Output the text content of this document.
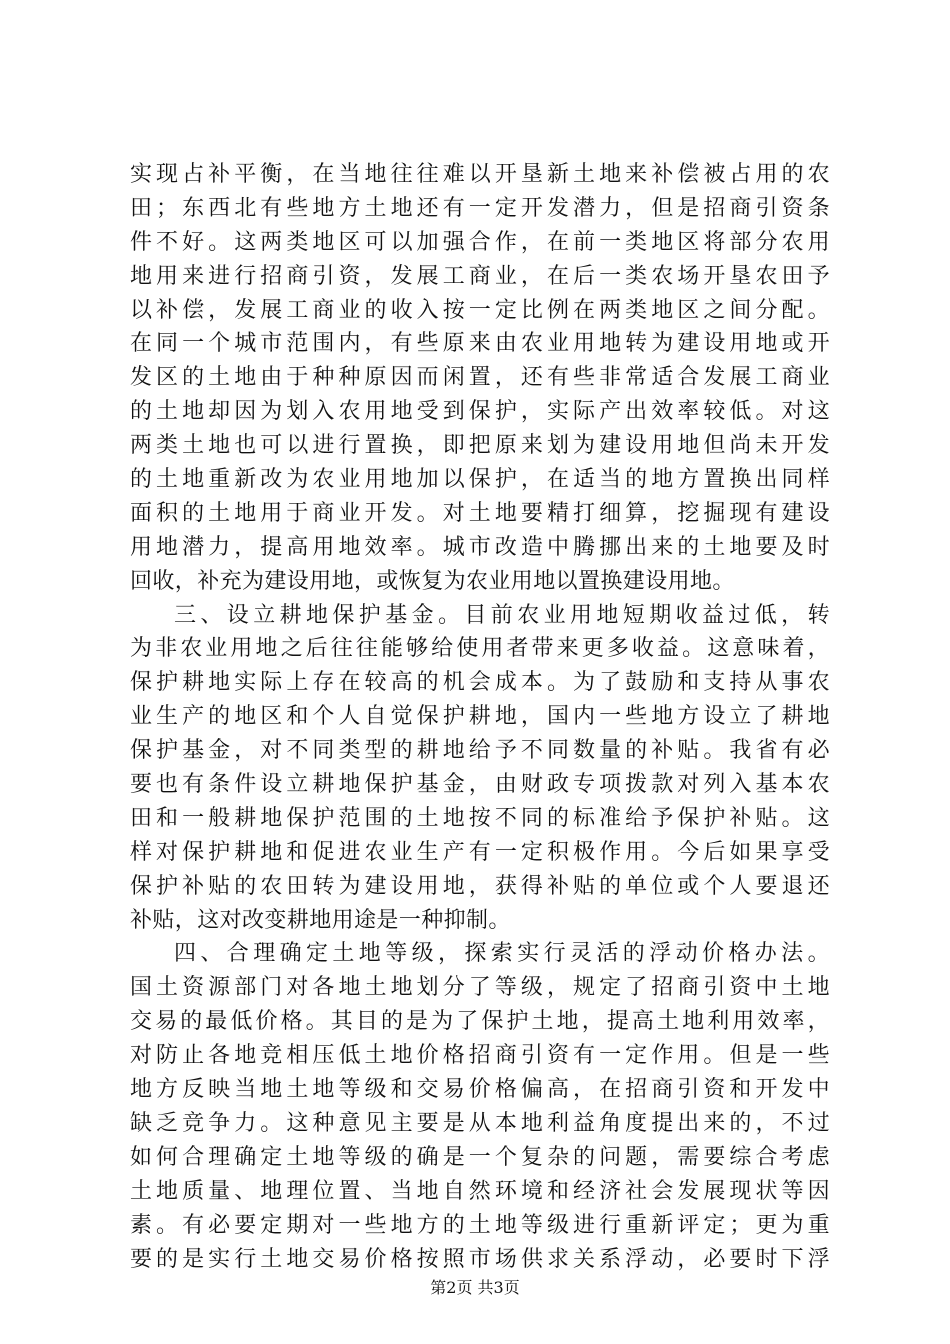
实现占补平衡，在当地往往难以开垦新土地来补偿被占用的农
田；东西北有些地方土地还有一定开发潜力，但是招商引资条
件不好。这两类地区可以加强合作，在前一类地区将部分农用
地用来进行招商引资，发展工商业，在后一类农场开垦农田予
以补偿，发展工商业的收入按一定比例在两类地区之间分配。
在同一个城市范围内，有些原来由农业用地转为建设用地或开
发区的土地由于种种原因而闲置，还有些非常适合发展工商业
的土地却因为划入农用地受到保护，实际产出效率较低。对这
两类土地也可以进行置换，即把原来划为建设用地但尚未开发
的土地重新改为农业用地加以保护，在适当的地方置换出同样
面积的土地用于商业开发。对土地要精打细算，挖掘现有建设
用地潜力，提高用地效率。城市改造中腾挪出来的土地要及时
回收，补充为建设用地，或恢复为农业用地以置换建设用地。
三、设立耕地保护基金。目前农业用地短期收益过低，转
为非农业用地之后往往能够给使用者带来更多收益。这意味着，
保护耕地实际上存在较高的机会成本。为了鼓励和支持从事农
业生产的地区和个人自觉保护耕地，国内一些地方设立了耕地
保护基金，对不同类型的耕地给予不同数量的补贴。我省有必
要也有条件设立耕地保护基金，由财政专项拨款对列入基本农
田和一般耕地保护范围的土地按不同的标准给予保护补贴。这
样对保护耕地和促进农业生产有一定积极作用。今后如果享受
保护补贴的农田转为建设用地，获得补贴的单位或个人要退还
补贴，这对改变耕地用途是一种抑制。
四、合理确定土地等级，探索实行灵活的浮动价格办法。
国土资源部门对各地土地划分了等级，规定了招商引资中土地
交易的最低价格。其目的是为了保护土地，提高土地利用效率，
对防止各地竞相压低土地价格招商引资有一定作用。但是一些
地方反映当地土地等级和交易价格偏高，在招商引资和开发中
缺乏竞争力。这种意见主要是从本地利益角度提出来的，不过
如何合理确定土地等级的确是一个复杂的问题，需要综合考虑
土地质量、地理位置、当地自然环境和经济社会发展现状等因
素。有必要定期对一些地方的土地等级进行重新评定；更为重
要的是实行土地交易价格按照市场供求关系浮动，必要时下浮
第2页 共3页
